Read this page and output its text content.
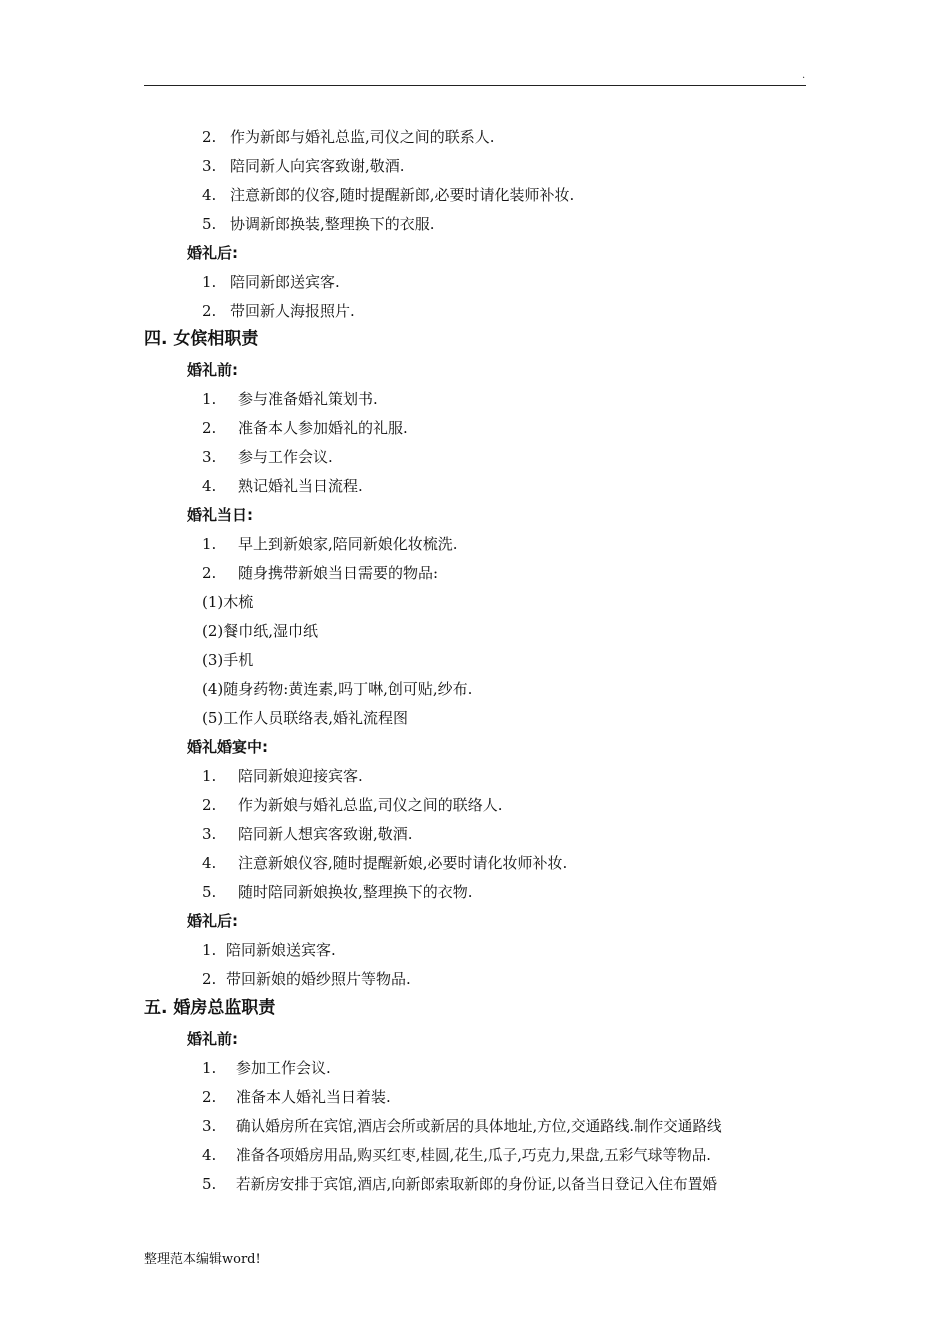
.
2. 作为新郎与婚礼总监,司仪之间的联系人.
3. 陪同新人向宾客致谢,敬酒.
4. 注意新郎的仪容,随时提醒新郎,必要时请化装师补妆.
5. 协调新郎换装,整理换下的衣服.
婚礼后:
1. 陪同新郎送宾客.
2. 带回新人海报照片.
四. 女傧相职责
婚礼前:
1. 参与准备婚礼策划书.
2. 准备本人参加婚礼的礼服.
3. 参与工作会议.
4. 熟记婚礼当日流程.
婚礼当日:
1. 早上到新娘家,陪同新娘化妆梳洗.
2. 随身携带新娘当日需要的物品:
(1)木梳
(2)餐巾纸,湿巾纸
(3)手机
(4)随身药物:黄连素,吗丁啉,创可贴,纱布.
(5)工作人员联络表,婚礼流程图
婚礼婚宴中:
1. 陪同新娘迎接宾客.
2. 作为新娘与婚礼总监,司仪之间的联络人.
3. 陪同新人想宾客致谢,敬酒.
4. 注意新娘仪容,随时提醒新娘,必要时请化妆师补妆.
5. 随时陪同新娘换妆,整理换下的衣物.
婚礼后:
1. 陪同新娘送宾客.
2. 带回新娘的婚纱照片等物品.
五. 婚房总监职责
婚礼前:
1. 参加工作会议.
2. 准备本人婚礼当日着装.
3. 确认婚房所在宾馆,酒店会所或新居的具体地址,方位,交通路线.制作交通路线
4. 准备各项婚房用品,购买红枣,桂圆,花生,瓜子,巧克力,果盘,五彩气球等物品.
5. 若新房安排于宾馆,酒店,向新郎索取新郎的身份证,以备当日登记入住布置婚
整理范本编辑word!
